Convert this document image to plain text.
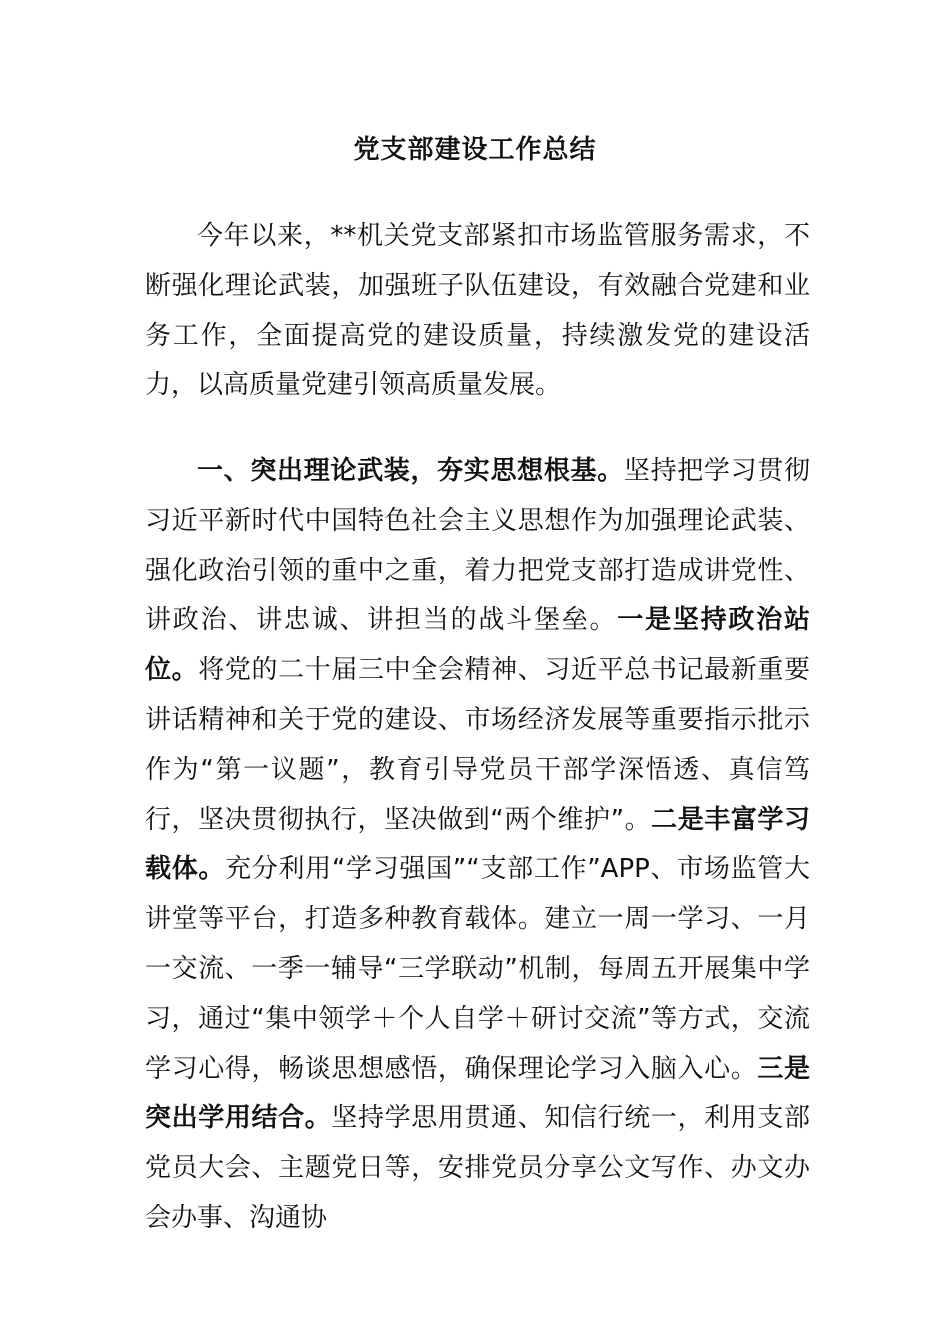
党支部建设工作总结

今年以来，**机关党支部紧扣市场监管服务需求，不断强化理论武装，加强班子队伍建设，有效融合党建和业务工作，全面提高党的建设质量，持续激发党的建设活力，以高质量党建引领高质量发展。

一、突出理论武装，夯实思想根基。坚持把学习贯彻习近平新时代中国特色社会主义思想作为加强理论武装、强化政治引领的重中之重，着力把党支部打造成讲党性、讲政治、讲忠诚、讲担当的战斗堡垒。一是坚持政治站位。将党的二十届三中全会精神、习近平总书记最新重要讲话精神和关于党的建设、市场经济发展等重要指示批示作为“第一议题”，教育引导党员干部学深悟透、真信笃行，坚决贯彻执行，坚决做到“两个维护”。二是丰富学习载体。充分利用“学习强国”“支部工作”APP、市场监管大讲堂等平台，打造多种教育载体。建立一周一学习、一月一交流、一季一辅导“三学联动”机制，每周五开展集中学习，通过“集中领学＋个人自学＋研讨交流”等方式，交流学习心得，畅谈思想感悟，确保理论学习入脑入心。三是突出学用结合。坚持学思用贯通、知信行统一，利用支部党员大会、主题党日等，安排党员分享公文写作、办文办会办事、沟通协
